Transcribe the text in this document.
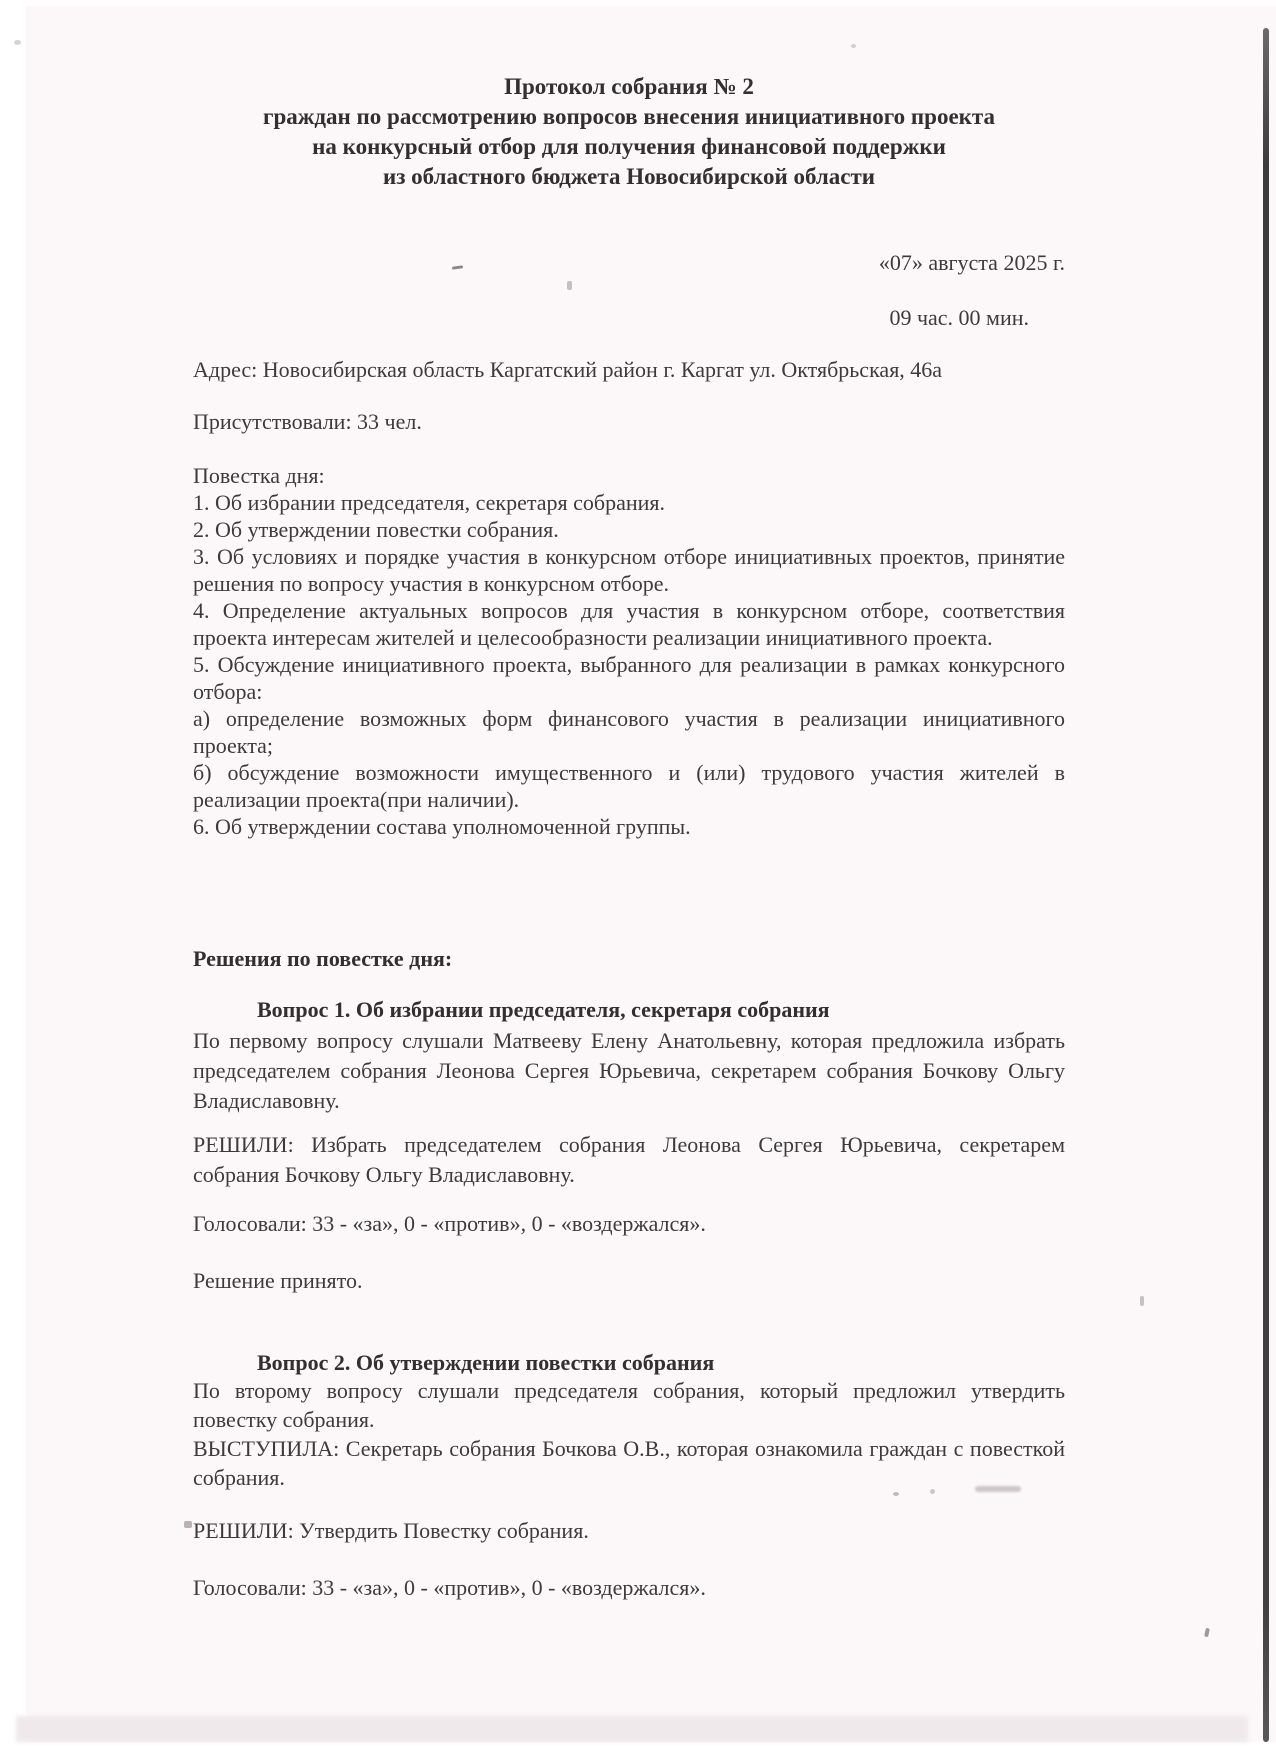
Протокол собрания № 2
граждан по рассмотрению вопросов внесения инициативного проекта
на конкурсный отбор для получения финансовой поддержки
из областного бюджета Новосибирской области
«07» августа 2025 г.
09 час. 00 мин.
Адрес: Новосибирская область Каргатский район г. Каргат ул. Октябрьская, 46а
Присутствовали: 33 чел.

Повестка дня:

1. Об избрании председателя, секретаря собрания.

2. Об утверждении повестки собрания.

3. Об условиях и порядке участия в конкурсном отборе инициативных проектов, принятие решения по вопросу участия в конкурсном отборе.

4. Определение актуальных вопросов для участия в конкурсном отборе, соответствия проекта интересам жителей и целесообразности реализации инициативного проекта.

5. Обсуждение инициативного проекта, выбранного для реализации в рамках конкурсного отбора:

а) определение возможных форм финансового участия в реализации инициативного проекта;

б) обсуждение возможности имущественного и (или) трудового участия жителей в реализации проекта(при наличии).

6. Об утверждении состава уполномоченной группы.

Решения по повестке дня:
Вопрос 1. Об избрании председателя, секретаря собрания
По первому вопросу слушали Матвееву Елену Анатольевну, которая предложила избрать председателем собрания Леонова Сергея Юрьевича, секретарем собрания Бочкову Ольгу Владиславовну.
РЕШИЛИ: Избрать председателем собрания Леонова Сергея Юрьевича, секретарем собрания Бочкову Ольгу Владиславовну.
Голосовали: 33 - «за», 0 - «против», 0 - «воздержался».
Решение принято.
Вопрос 2. Об утверждении повестки собрания

По второму вопросу слушали председателя собрания, который предложил утвердить повестку собрания.

ВЫСТУПИЛА: Секретарь собрания Бочкова О.В., которая ознакомила граждан с повесткой собрания.

РЕШИЛИ: Утвердить Повестку собрания.
Голосовали: 33 - «за», 0 - «против», 0 - «воздержался».
